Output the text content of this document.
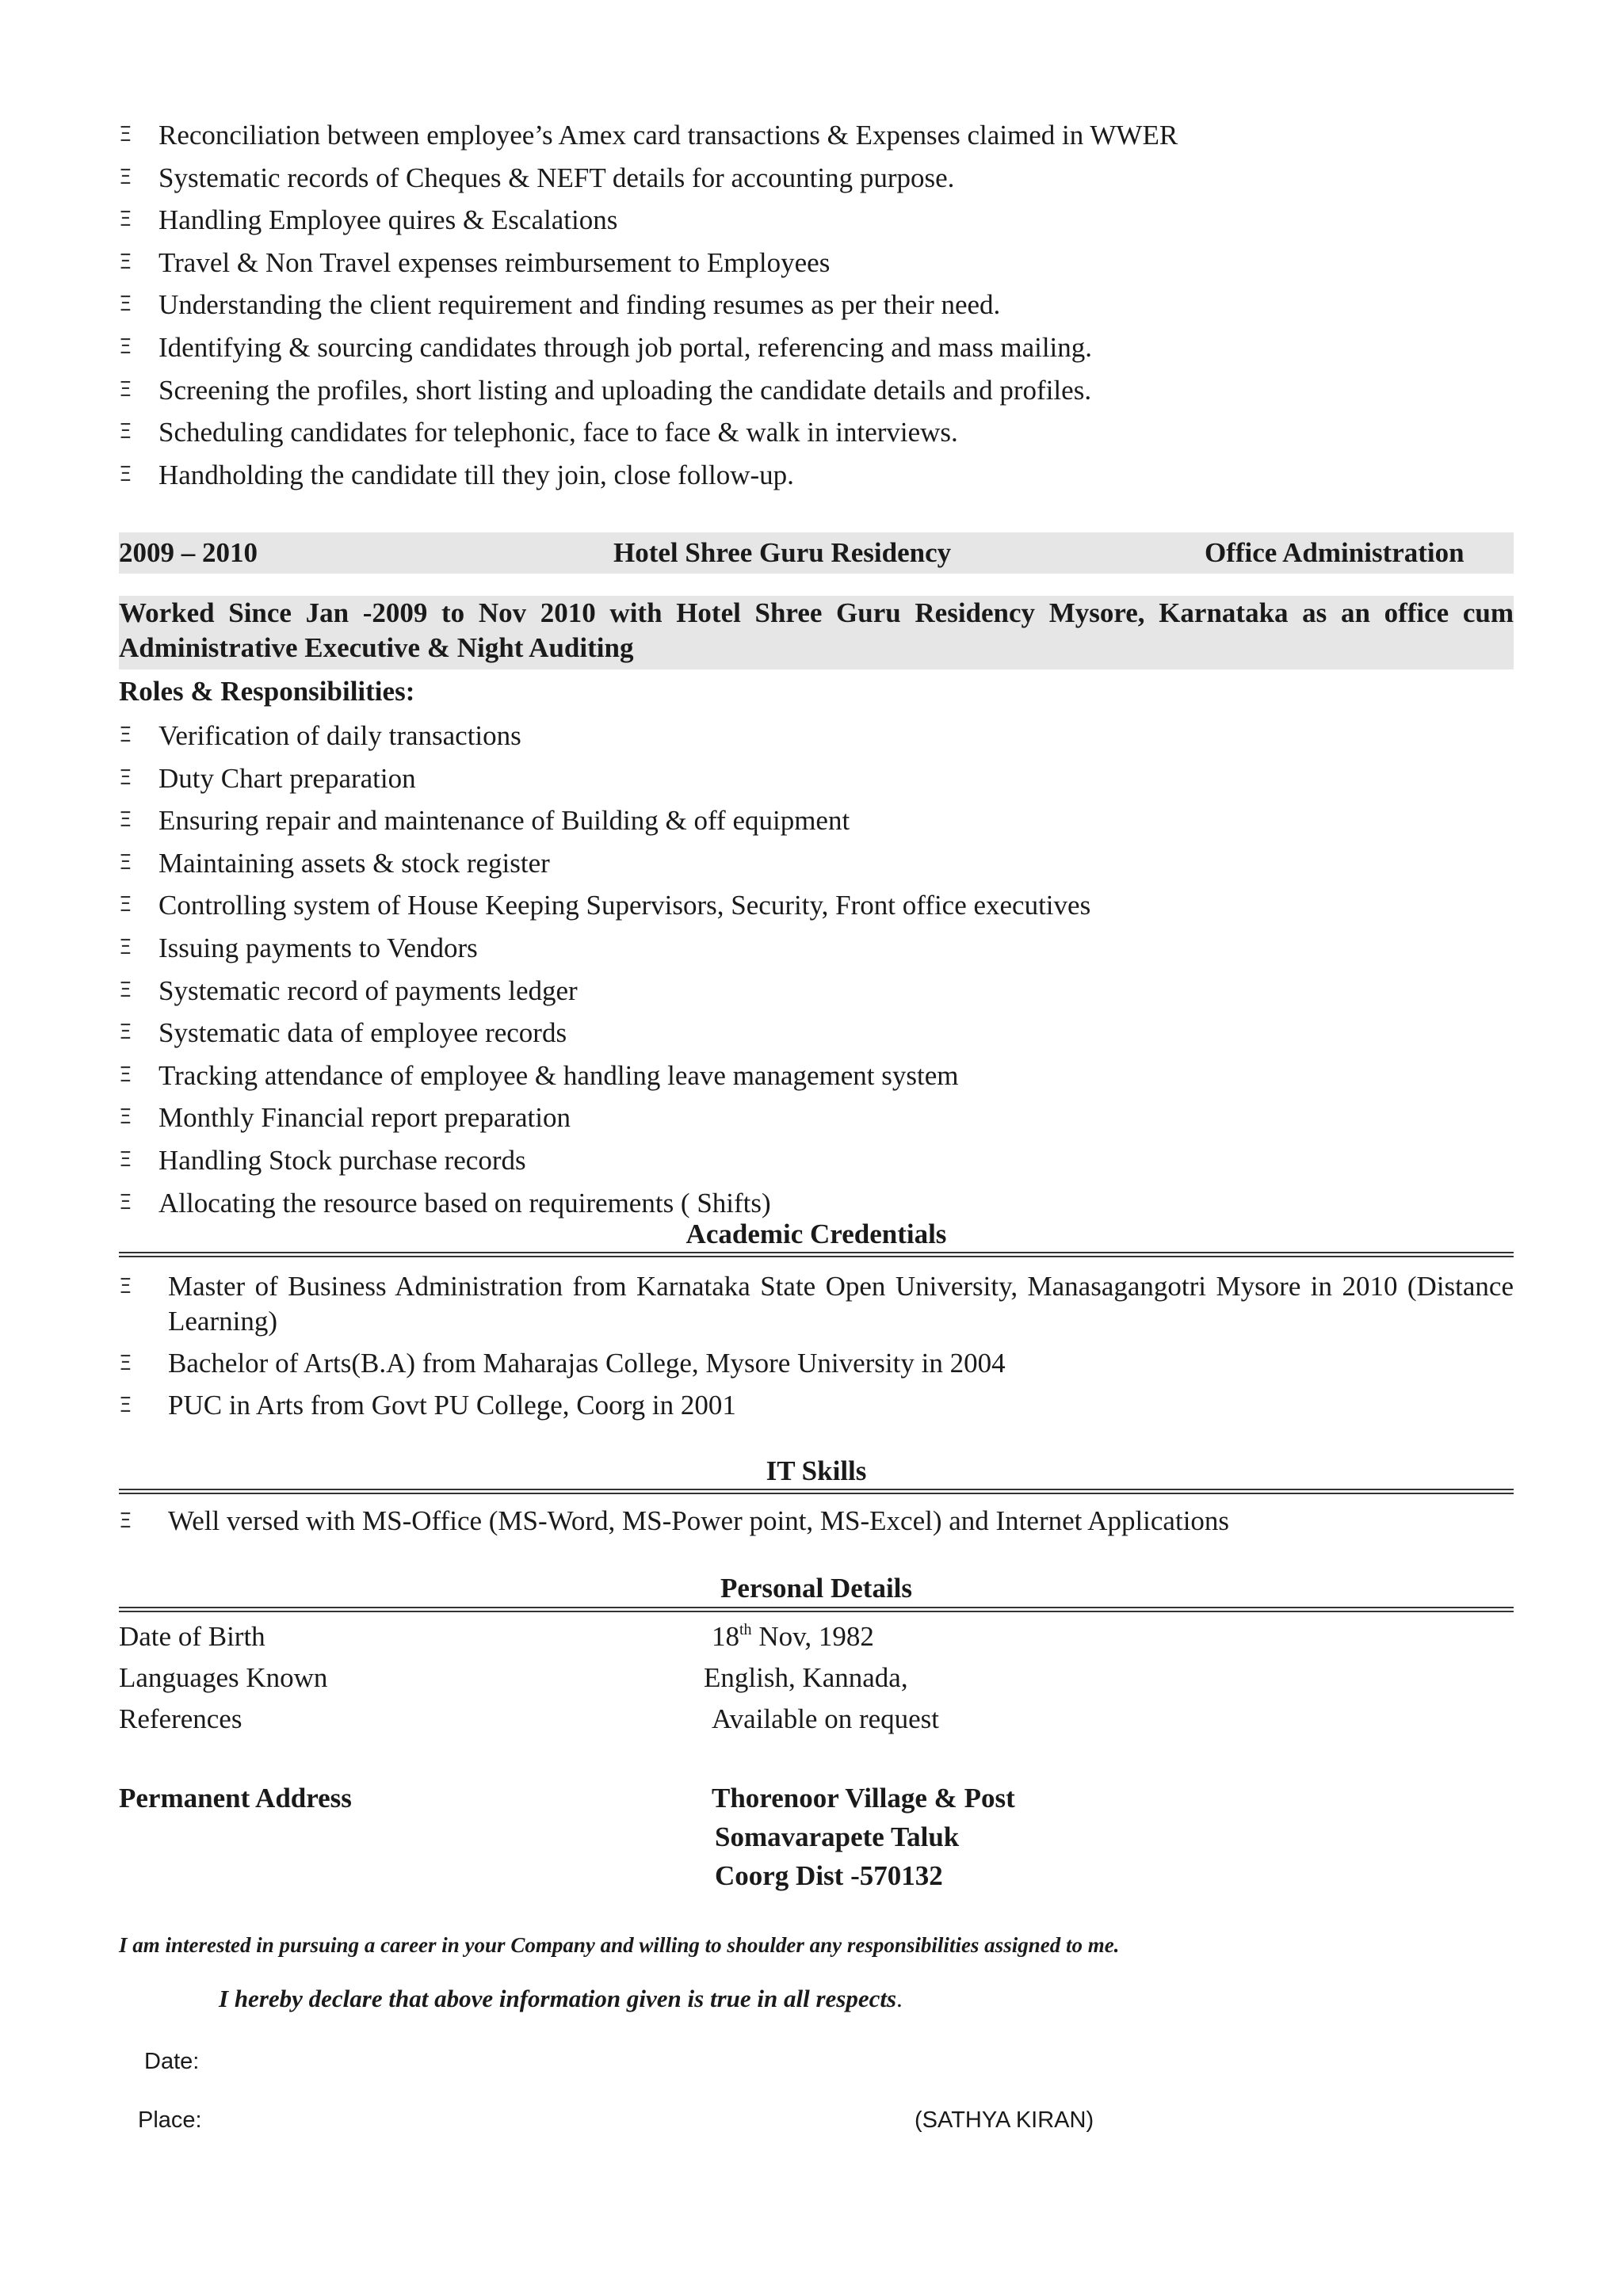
Ξ Reconciliation between employee’s Amex card transactions & Expenses claimed in WWER
Ξ Systematic records of Cheques & NEFT details for accounting purpose.
Ξ Handling Employee quires & Escalations
Ξ Travel & Non Travel expenses reimbursement to Employees
Ξ Understanding the client requirement and finding resumes as per their need.
Ξ Identifying & sourcing candidates through job portal, referencing and mass mailing.
Ξ Screening the profiles, short listing and uploading the candidate details and profiles.
Ξ Scheduling candidates for telephonic, face to face & walk in interviews.
Ξ Handholding the candidate till they join, close follow-up.
2009 – 2010	Hotel Shree Guru Residency	Office Administration
Worked Since Jan -2009 to Nov 2010 with Hotel Shree Guru Residency Mysore, Karnataka as an office cum Administrative Executive & Night Auditing
Roles & Responsibilities:
Ξ Verification of daily transactions
Ξ Duty Chart preparation
Ξ Ensuring repair and maintenance of Building & off equipment
Ξ Maintaining assets & stock register
Ξ Controlling system of House Keeping Supervisors, Security, Front office executives
Ξ Issuing payments to Vendors
Ξ Systematic record of payments ledger
Ξ Systematic data of employee records
Ξ Tracking attendance of employee & handling leave management system
Ξ Monthly Financial report preparation
Ξ Handling Stock purchase records
Ξ Allocating the resource based on requirements ( Shifts)
Academic Credentials
Ξ Master of Business Administration from Karnataka State Open University, Manasagangotri Mysore in 2010 (Distance Learning)
Ξ Bachelor of Arts(B.A) from Maharajas College, Mysore University in 2004
Ξ PUC in Arts from Govt PU College, Coorg in 2001
IT Skills
Ξ Well versed with MS-Office (MS-Word, MS-Power point, MS-Excel) and Internet Applications
Personal Details
Date of Birth	18th Nov, 1982
Languages Known	English, Kannada,
References	Available on request
Permanent Address	Thorenoor Village & Post
Somavarapete Taluk
Coorg Dist -570132
I am interested in pursuing a career in your Company and willing to shoulder any responsibilities assigned to me.
I hereby declare that above information given is true in all respects.
Date:
Place:	(SATHYA KIRAN)
